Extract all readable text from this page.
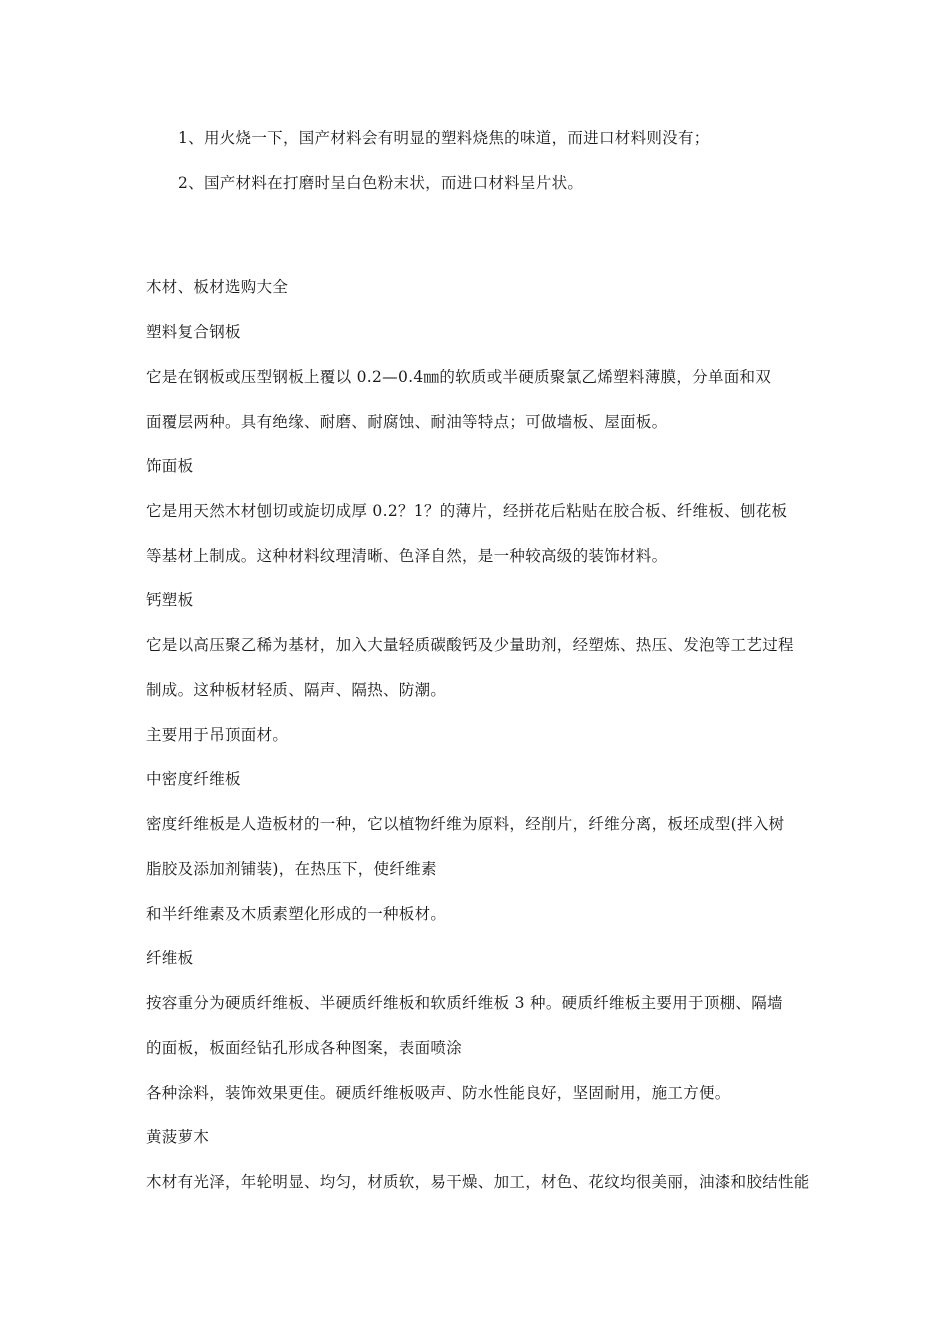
1、用火烧一下，国产材料会有明显的塑料烧焦的味道，而进口材料则没有；
2、国产材料在打磨时呈白色粉末状，而进口材料呈片状。
木材、板材选购大全
塑料复合钢板
它是在钢板或压型钢板上覆以 0.2—0.4㎜的软质或半硬质聚氯乙烯塑料薄膜，分单面和双
面覆层两种。具有绝缘、耐磨、耐腐蚀、耐油等特点；可做墙板、屋面板。
饰面板
它是用天然木材刨切或旋切成厚 0.2？1？的薄片，经拼花后粘贴在胶合板、纤维板、刨花板
等基材上制成。这种材料纹理清晰、色泽自然，是一种较高级的装饰材料。
钙塑板
它是以高压聚乙稀为基材，加入大量轻质碳酸钙及少量助剂，经塑炼、热压、发泡等工艺过程
制成。这种板材轻质、隔声、隔热、防潮。
主要用于吊顶面材。
中密度纤维板
密度纤维板是人造板材的一种，它以植物纤维为原料，经削片，纤维分离，板坯成型(拌入树
脂胶及添加剂铺装)，在热压下，使纤维素
和半纤维素及木质素塑化形成的一种板材。
纤维板
按容重分为硬质纤维板、半硬质纤维板和软质纤维板 3 种。硬质纤维板主要用于顶棚、隔墙
的面板，板面经钻孔形成各种图案，表面喷涂
各种涂料，装饰效果更佳。硬质纤维板吸声、防水性能良好，坚固耐用，施工方便。
黄菠萝木
木材有光泽，年轮明显、均匀，材质软，易干燥、加工，材色、花纹均很美丽，油漆和胶结性能
